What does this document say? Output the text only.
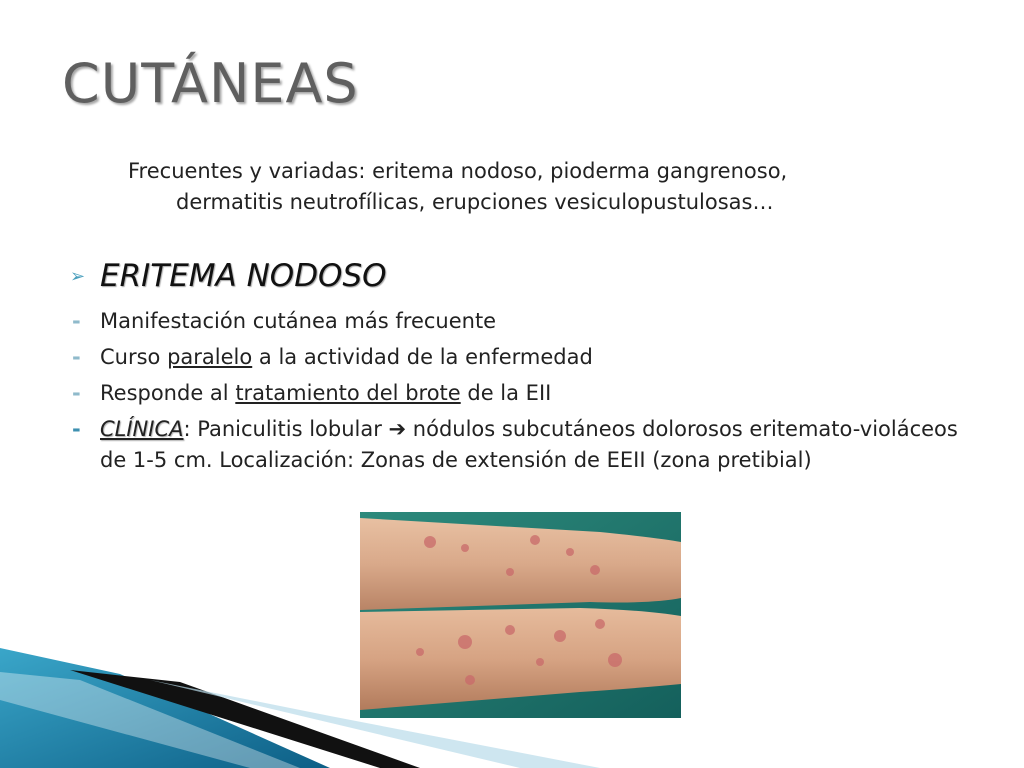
CUTÁNEAS
Frecuentes y variadas: eritema nodoso, pioderma gangrenoso,
dermatitis neutrofílicas, erupciones vesiculopustulosas…
➢ ERITEMA NODOSO
- Manifestación cutánea más frecuente
- Curso paralelo a la actividad de la enfermedad
- Responde al tratamiento del brote de la EII
- CLÍNICA: Paniculitis lobular ➔ nódulos subcutáneos dolorosos eritemato-violáceos de 1-5 cm. Localización: Zonas de extensión de EEII (zona pretibial)
